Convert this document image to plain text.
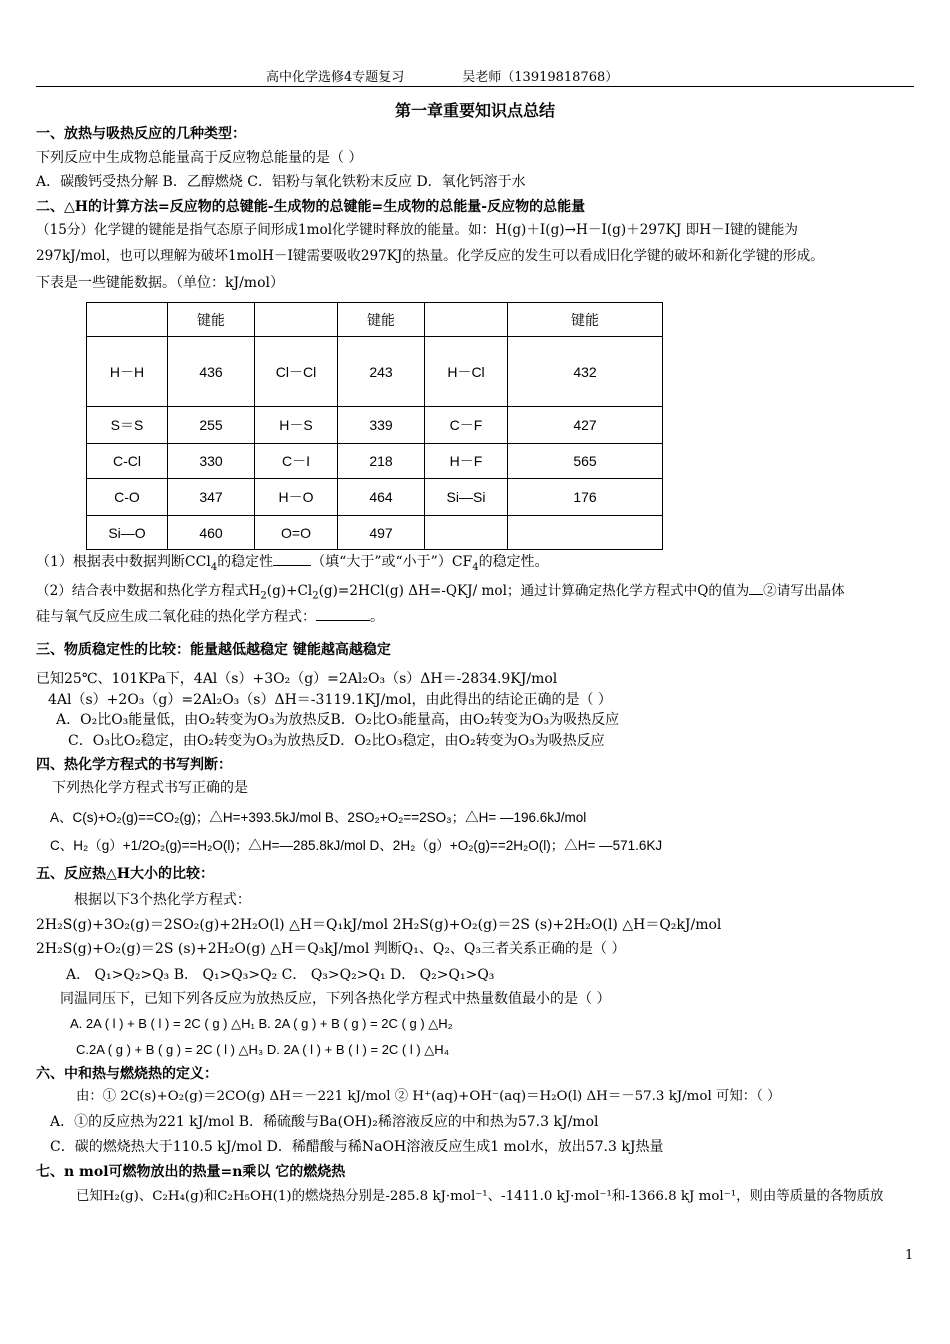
高中化学选修4专题复习	吴老师（13919818768）
第一章重要知识点总结
一、放热与吸热反应的几种类型：
下列反应中生成物总能量高于反应物总能量的是（ ）
A．碳酸钙受热分解 B．乙醇燃烧 C．铝粉与氧化铁粉末反应 D．氧化钙溶于水
二、△H的计算方法=反应物的总键能-生成物的总键能=生成物的总能量-反应物的总能量
（15分）化学键的键能是指气态原子间形成1mol化学键时释放的能量。如：H(g)＋I(g)→H－I(g)＋297KJ 即H－I键的键能为
297kJ/mol，也可以理解为破坏1molH－I键需要吸收297KJ的热量。化学反应的发生可以看成旧化学键的破坏和新化学键的形成。
下表是一些键能数据。（单位：kJ/mol）
	键能		键能		键能
H－H	436	Cl－Cl	243	H－Cl	432
S＝S	255	H－S	339	C－F	427
C-Cl	330	C－I	218	H－F	565
C-O	347	H－O	464	Si—Si	176
Si—O	460	O=O	497		
（1）根据表中数据判断CCl$_4$的稳定性	（填“大于”或“小于$”)CF_4$的稳定性。
（2）结合表中数据和热化学方程式$H_2(g)+Cl_2(g)=2HCl(g)$ ΔH=-QKJ/ mol；通过计算确定热化学方程式中Q的值为 ②请写出晶体
硅与氧气反应生成二氧化硅的热化学方程式：	。
三、物质稳定性的比较：能量越低越稳定 键能越高越稳定
已知25℃、101KPa下，4Al（s）+3O₂（g）=2Al₂O₃（s）ΔH＝-2834.9KJ/mol
4Al（s）+2O₃（g）=2Al₂O₃（s）ΔH＝-3119.1KJ/mol，由此得出的结论正确的是（ ）
A．O₂比O₃能量低，由O₂转变为O₃为放热反B．O₂比O₃能量高，由O₂转变为O₃为吸热反应
C．O₃比O₂稳定，由O₂转变为O₃为放热反D．O₂比O₃稳定，由O₂转变为O₃为吸热反应
四、热化学方程式的书写判断：
下列热化学方程式书写正确的是
A、C(s)+O₂(g)==CO₂(g)；△H=+393.5kJ/mol B、2SO₂+O₂==2SO₃；△H= —196.6kJ/mol
C、H₂（g）+1/2O₂(g)==H₂O(l)；△H=—285.8kJ/mol D、2H₂（g）+O₂(g)==2H₂O(l)；△H= —571.6KJ
五、反应热△H大小的比较：
根据以下3个热化学方程式：
2H₂S(g)+3O₂(g)＝2SO₂(g)+2H₂O(l) △H＝Q₁kJ/mol 2H₂S(g)+O₂(g)＝2S (s)+2H₂O(l) △H＝Q₂kJ/mol
2H₂S(g)+O₂(g)＝2S (s)+2H₂O(g) △H＝Q₃kJ/mol 判断Q₁、Q₂、Q₃三者关系正确的是（ ）
A． Q₁>Q₂>Q₃ B． Q₁>Q₃>Q₂ C． Q₃>Q₂>Q₁ D． Q₂>Q₁>Q₃
同温同压下，已知下列各反应为放热反应，下列各热化学方程式中热量数值最小的是（ ）
A. 2A ( l ) + B ( l ) = 2C ( g ) △H₁ B. 2A ( g ) + B ( g ) = 2C ( g ) △H₂
C.2A ( g ) + B ( g ) = 2C ( l ) △H₃ D. 2A ( l ) + B ( l ) = 2C ( l ) △H₄
六、中和热与燃烧热的定义：
由：① 2C(s)+O₂(g)＝2CO(g) ΔH＝－221 kJ/mol ② H⁺(aq)+OH⁻(aq)＝H₂O(l) ΔH＝－57.3 kJ/mol 可知：（ ）
A．①的反应热为221 kJ/mol B．稀硫酸与Ba(OH)₂稀溶液反应的中和热为57.3 kJ/mol
C．碳的燃烧热大于110.5 kJ/mol D．稀醋酸与稀NaOH溶液反应生成1 mol水，放出57.3 kJ热量
七、n mol可燃物放出的热量=n乘以 它的燃烧热
已知H₂(g)、C₂H₄(g)和C₂H₅OH(1)的燃烧热分别是-285.8 kJ·mol⁻¹、-1411.0 kJ·mol⁻¹和-1366.8 kJ mol⁻¹，则由等质量的各物质放
1
